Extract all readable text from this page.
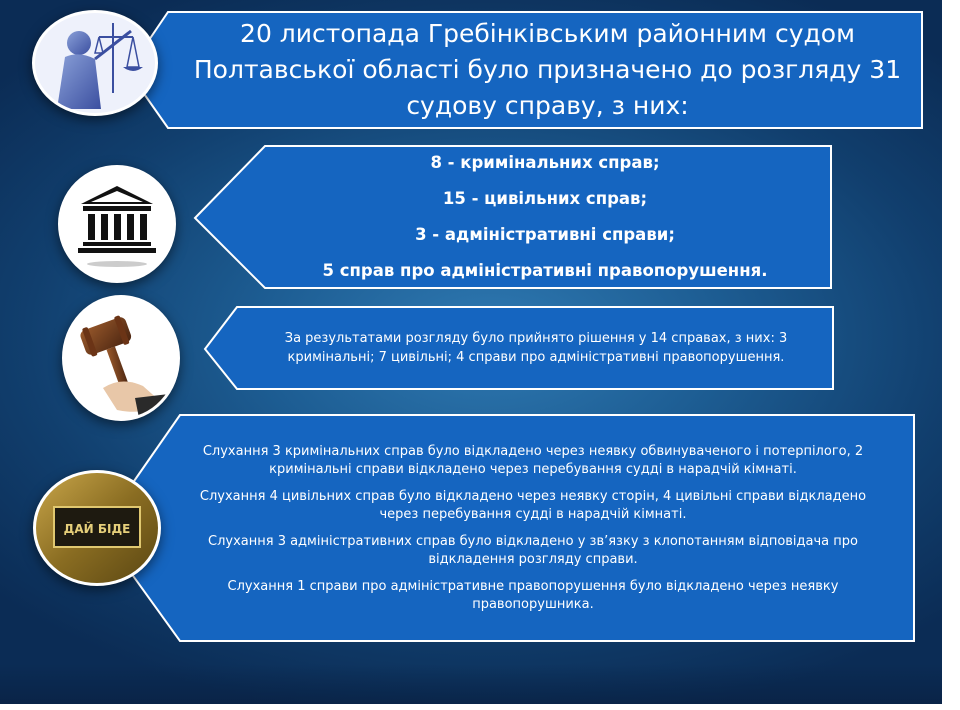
20 листопада Гребінківським районним судом
Полтавської області було призначено до розгляду 31
судову справу, з них:
8 - кримінальних справ;
15 - цивільних справ;
3 - адміністративні справи;
5 справ про адміністративні правопорушення.
За результатами розгляду було прийнято рішення у 14 справах, з них: 3
кримінальні; 7 цивільні; 4 справи про адміністративні правопорушення.

Слухання 3 кримінальних справ було відкладено через неявку обвинуваченого і потерпілого, 2
кримінальні справи відкладено через перебування судді в нарадчій кімнаті.

Слухання 4 цивільних справ було відкладено через неявку сторін, 4 цивільні справи відкладено
через перебування судді в нарадчій кімнаті.

Слухання 3 адміністративних справ було відкладено у зв’язку з клопотанням відповідача про
відкладення розгляду справи.

Слухання 1 справи про адміністративне правопорушення було відкладено через неявку
правопорушника.

ДАЙ БІДЕ
